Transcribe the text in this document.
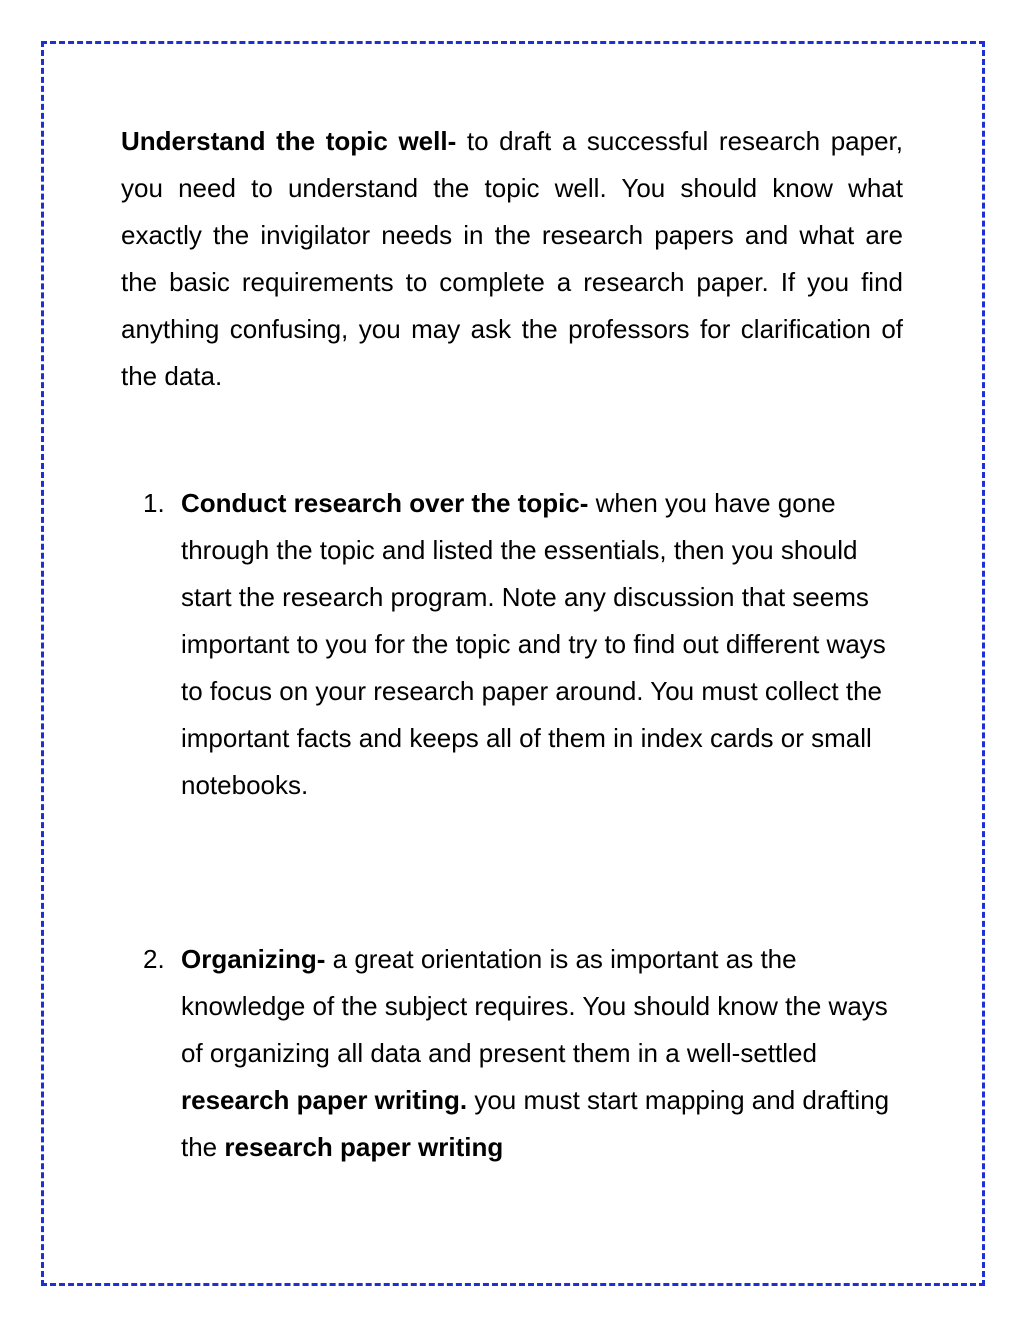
Understand the topic well- to draft a successful research paper, you need to understand the topic well. You should know what exactly the invigilator needs in the research papers and what are the basic requirements to complete a research paper. If you find anything confusing, you may ask the professors for clarification of the data.

1. Conduct research over the topic- when you have gone through the topic and listed the essentials, then you should start the research program. Note any discussion that seems important to you for the topic and try to find out different ways to focus on your research paper around. You must collect the important facts and keeps all of them in index cards or small notebooks.

2. Organizing- a great orientation is as important as the knowledge of the subject requires. You should know the ways of organizing all data and present them in a well-settled research paper writing. you must start mapping and drafting the research paper writing
